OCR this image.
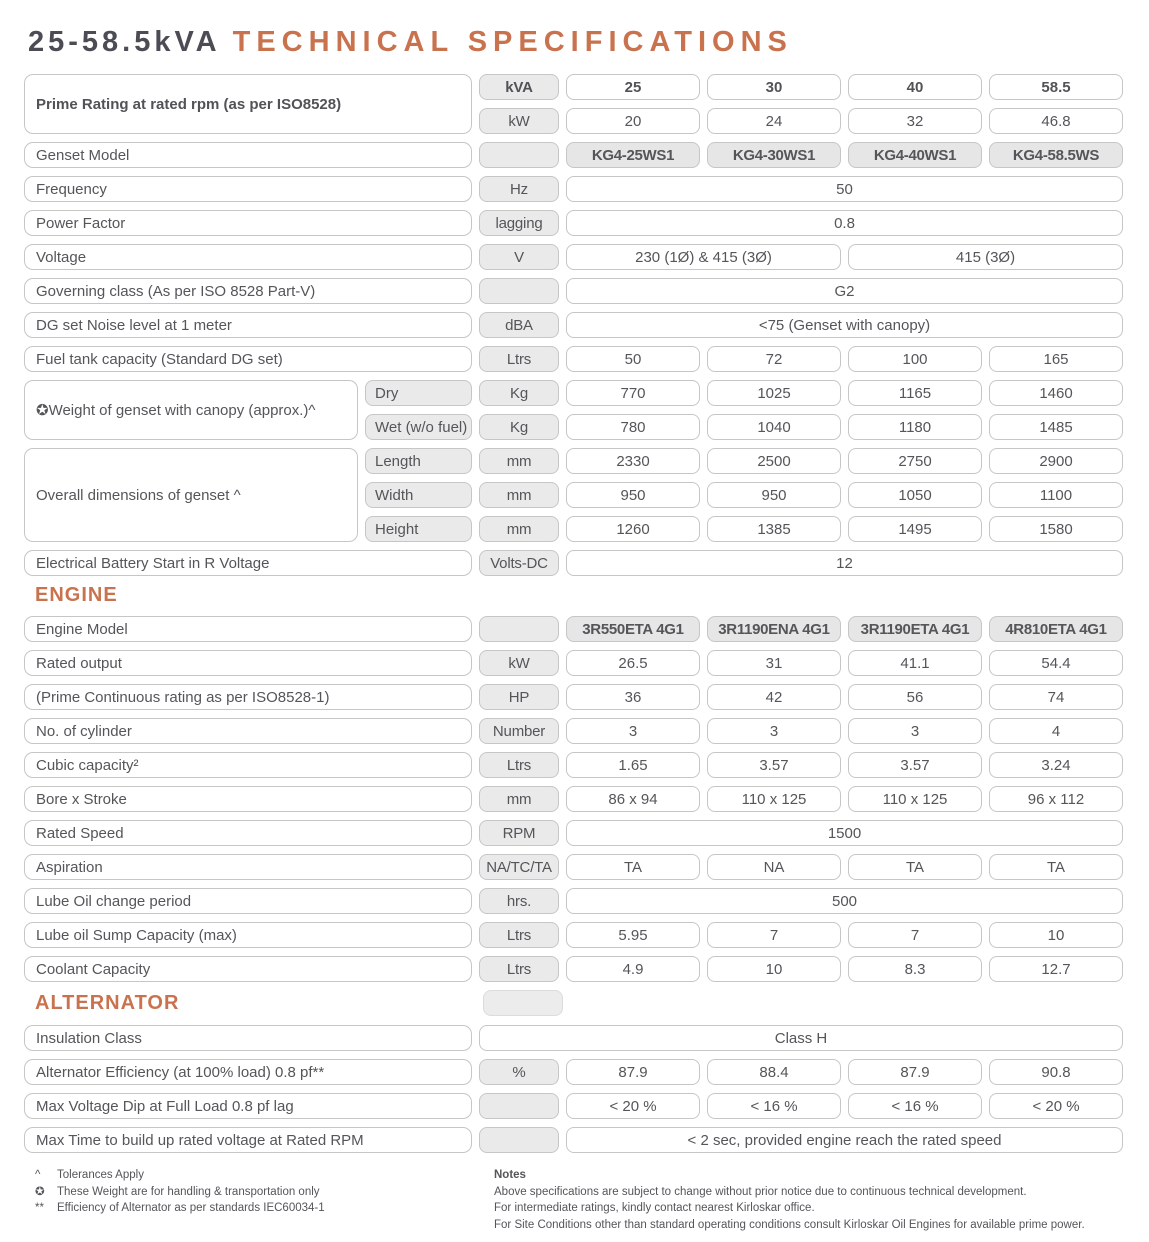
25-58.5kVA TECHNICAL SPECIFICATIONS
Prime Rating at rated rpm (as per ISO8528)
kVA	25	30	40	58.5
kW	20	24	32	46.8
Genset Model	KG4-25WS1	KG4-30WS1	KG4-40WS1	KG4-58.5WS
Frequency	Hz	50
Power Factor	lagging	0.8
Voltage	V	230 (1Ø) & 415 (3Ø)	415 (3Ø)
Governing class (As per ISO 8528 Part-V)	G2
DG set Noise level at 1 meter	dBA	<75 (Genset with canopy)
Fuel tank capacity (Standard DG set)	Ltrs	50	72	100	165
✪Weight of genset with canopy (approx.)^
Dry	Kg	770	1025	1165	1460
Wet (w/o fuel)	Kg	780	1040	1180	1485
Overall dimensions of genset ^
Length	mm	2330	2500	2750	2900
Width	mm	950	950	1050	1100
Height	mm	1260	1385	1495	1580
Electrical Battery Start in R Voltage	Volts-DC	12
ENGINE
Engine Model	3R550ETA 4G1	3R1190ENA 4G1	3R1190ETA 4G1	4R810ETA 4G1
Rated output	kW	26.5	31	41.1	54.4
(Prime Continuous rating as per ISO8528-1)	HP	36	42	56	74
No. of cylinder	Number	3	3	3	4
Cubic capacity²	Ltrs	1.65	3.57	3.57	3.24
Bore x Stroke	mm	86 x 94	110 x 125	110 x 125	96 x 112
Rated Speed	RPM	1500
Aspiration	NA/TC/TA	TA	NA	TA	TA
Lube Oil change period	hrs.	500
Lube oil Sump Capacity (max)	Ltrs	5.95	7	7	10
Coolant Capacity	Ltrs	4.9	10	8.3	12.7
ALTERNATOR
Insulation Class	Class H
Alternator Efficiency (at 100% load) 0.8 pf**	%	87.9	88.4	87.9	90.8
Max Voltage Dip at Full Load 0.8 pf lag	< 20 %	< 16 %	< 16 %	< 20 %
Max Time to build up rated voltage at Rated RPM	< 2 sec, provided engine reach the rated speed
^	Tolerances Apply
✪	These Weight are for handling & transportation only
**	Efficiency of Alternator as per standards IEC60034-1
Notes
Above specifications are subject to change without prior notice due to continuous technical development.
For intermediate ratings, kindly contact nearest Kirloskar office.
For Site Conditions other than standard operating conditions consult Kirloskar Oil Engines for available prime power.
